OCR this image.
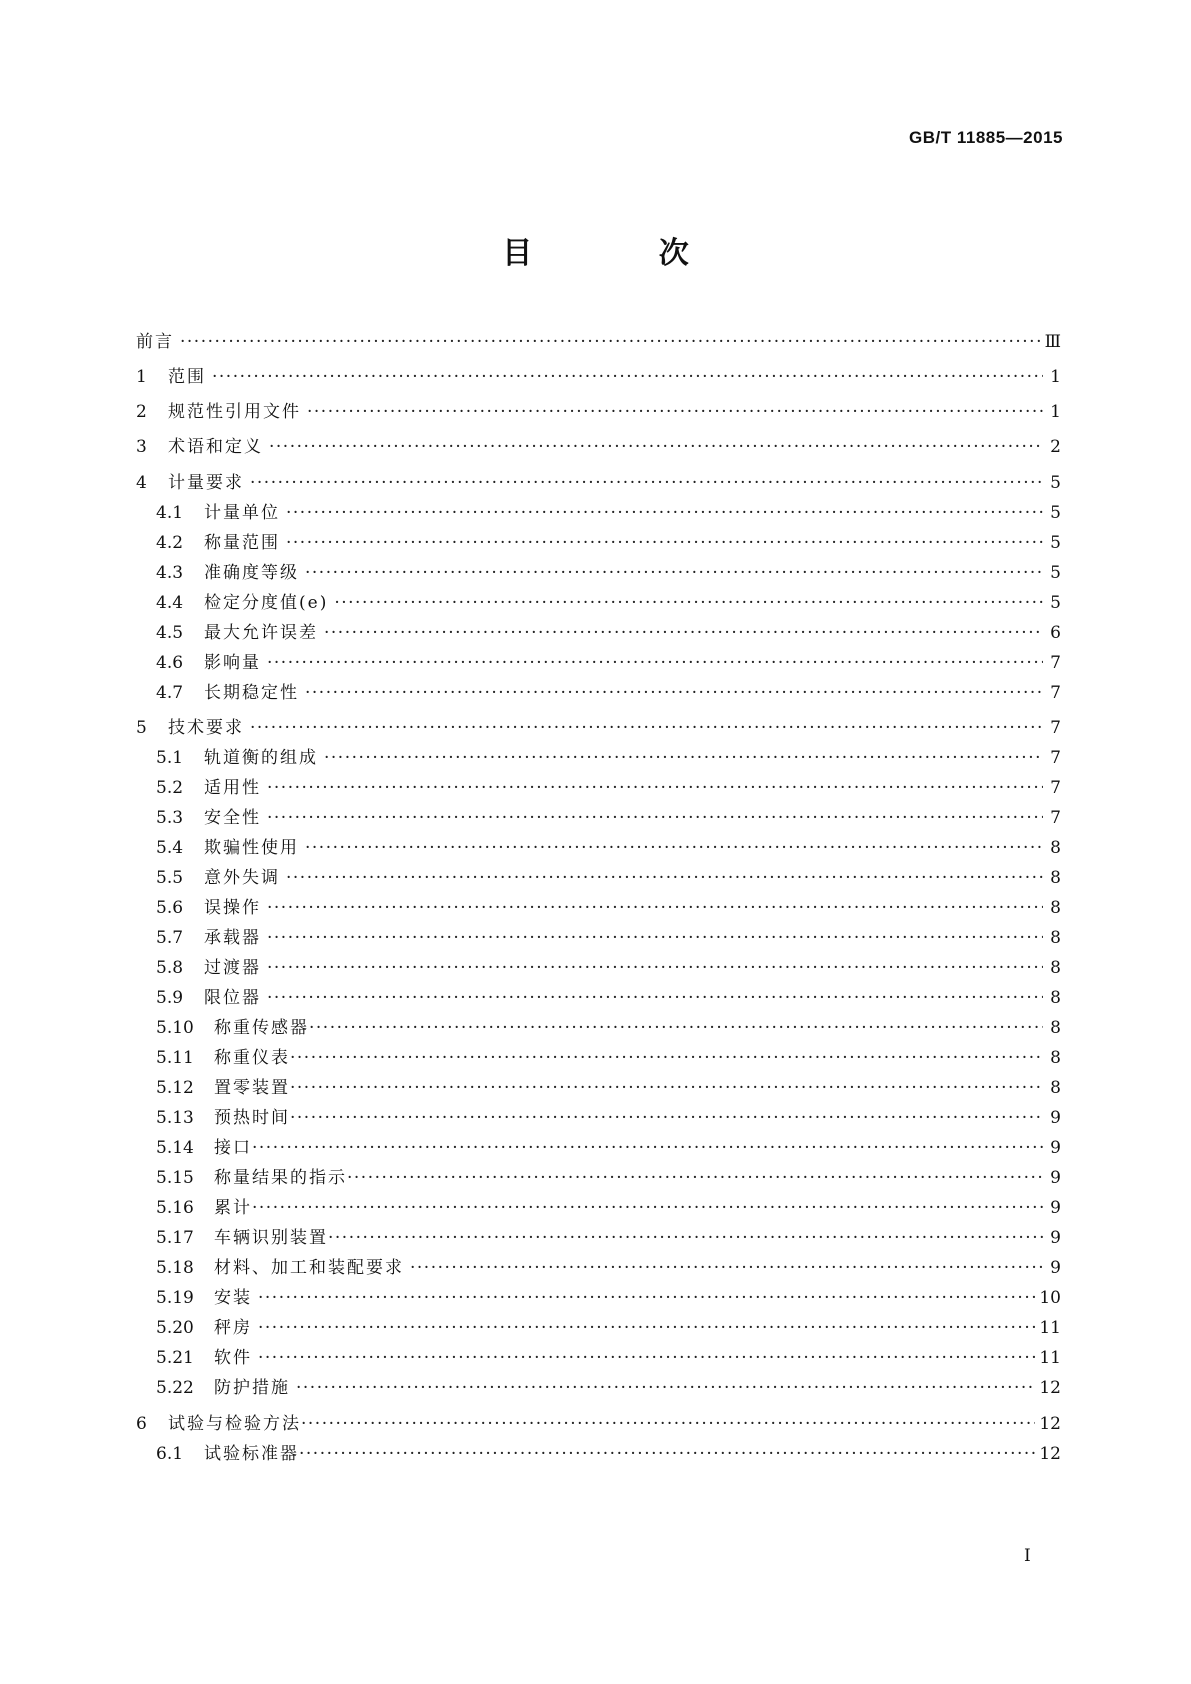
GB/T 11885—2015
目 次
前言 ·····	Ⅲ
1	范围 ·····	1
2	规范性引用文件 ·····	1
3	术语和定义 ·····	2
4	计量要求 ·····	5
4.1	计量单位 ·····	5
4.2	称量范围 ·····	5
4.3	准确度等级 ·····	5
4.4	检定分度值(e) ·····	5
4.5	最大允许误差 ·····	6
4.6	影响量 ·····	7
4.7	长期稳定性 ·····	7
5	技术要求 ·····	7
5.1	轨道衡的组成 ·····	7
5.2	适用性 ·····	7
5.3	安全性 ·····	7
5.4	欺骗性使用 ·····	8
5.5	意外失调 ·····	8
5.6	误操作 ·····	8
5.7	承载器 ·····	8
5.8	过渡器 ·····	8
5.9	限位器 ·····	8
5.10	称重传感器 ·····	8
5.11	称重仪表 ·····	8
5.12	置零装置 ·····	8
5.13	预热时间 ·····	9
5.14	接口 ·····	9
5.15	称量结果的指示 ·····	9
5.16	累计 ·····	9
5.17	车辆识别装置 ·····	9
5.18	材料、加工和装配要求 ·····	9
5.19	安装 ·····	10
5.20	秤房 ·····	11
5.21	软件 ·····	11
5.22	防护措施 ·····	12
6	试验与检验方法 ·····	12
6.1	试验标准器 ·····	12
I
